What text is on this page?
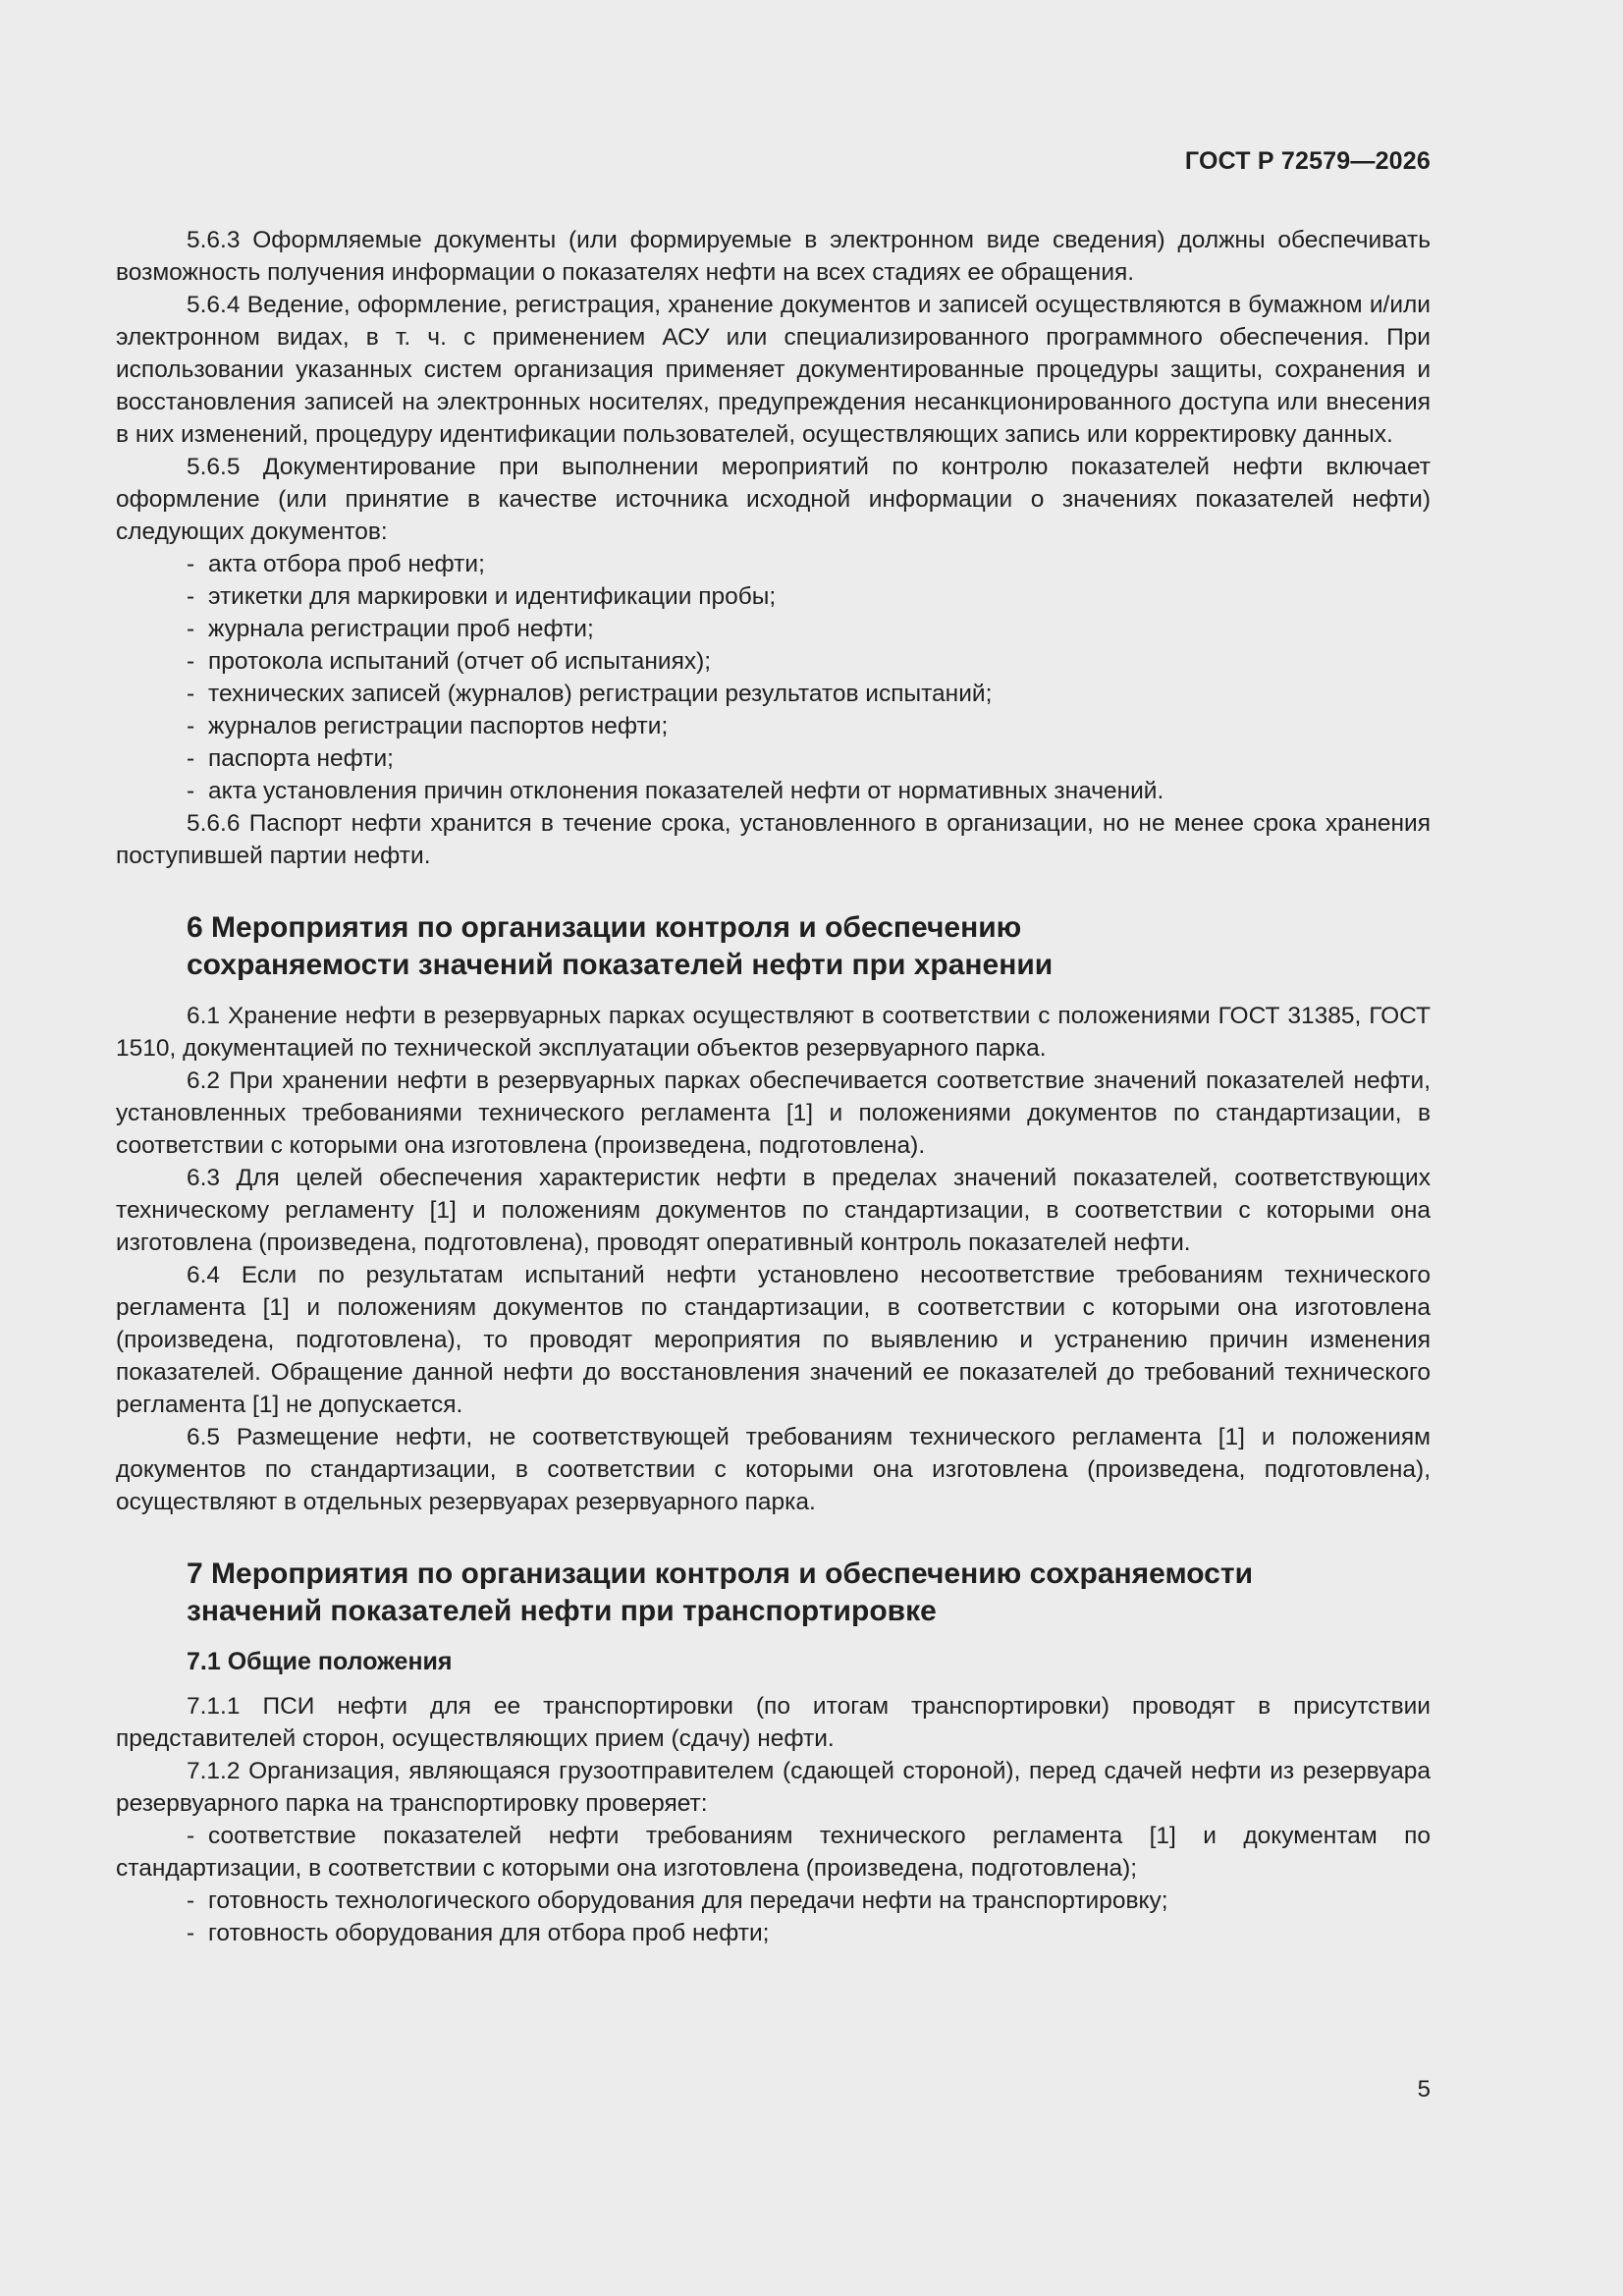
ГОСТ Р 72579—2026

5.6.3 Оформляемые документы (или формируемые в электронном виде сведения) должны обеспечивать возможность получения информации о показателях нефти на всех стадиях ее обращения.

5.6.4 Ведение, оформление, регистрация, хранение документов и записей осуществляются в бумажном и/или электронном видах, в т. ч. с применением АСУ или специализированного программного обеспечения. При использовании указанных систем организация применяет документированные процедуры защиты, сохранения и восстановления записей на электронных носителях, предупреждения несанкционированного доступа или внесения в них изменений, процедуру идентификации пользователей, осуществляющих запись или корректировку данных.

5.6.5 Документирование при выполнении мероприятий по контролю показателей нефти включает оформление (или принятие в качестве источника исходной информации о значениях показателей нефти) следующих документов:

- акта отбора проб нефти;

- этикетки для маркировки и идентификации пробы;

- журнала регистрации проб нефти;

- протокола испытаний (отчет об испытаниях);

- технических записей (журналов) регистрации результатов испытаний;

- журналов регистрации паспортов нефти;

- паспорта нефти;

- акта установления причин отклонения показателей нефти от нормативных значений.

5.6.6 Паспорт нефти хранится в течение срока, установленного в организации, но не менее срока хранения поступившей партии нефти.

6 Мероприятия по организации контроля и обеспечению
сохраняемости значений показателей нефти при хранении

6.1 Хранение нефти в резервуарных парках осуществляют в соответствии с положениями ГОСТ 31385, ГОСТ 1510, документацией по технической эксплуатации объектов резервуарного парка.

6.2 При хранении нефти в резервуарных парках обеспечивается соответствие значений показателей нефти, установленных требованиями технического регламента [1] и положениями документов по стандартизации, в соответствии с которыми она изготовлена (произведена, подготовлена).

6.3 Для целей обеспечения характеристик нефти в пределах значений показателей, соответствующих техническому регламенту [1] и положениям документов по стандартизации, в соответствии с которыми она изготовлена (произведена, подготовлена), проводят оперативный контроль показателей нефти.

6.4 Если по результатам испытаний нефти установлено несоответствие требованиям технического регламента [1] и положениям документов по стандартизации, в соответствии с которыми она изготовлена (произведена, подготовлена), то проводят мероприятия по выявлению и устранению причин изменения показателей. Обращение данной нефти до восстановления значений ее показателей до требований технического регламента [1] не допускается.

6.5 Размещение нефти, не соответствующей требованиям технического регламента [1] и положениям документов по стандартизации, в соответствии с которыми она изготовлена (произведена, подготовлена), осуществляют в отдельных резервуарах резервуарного парка.

7 Мероприятия по организации контроля и обеспечению сохраняемости
значений показателей нефти при транспортировке
7.1 Общие положения

7.1.1 ПСИ нефти для ее транспортировки (по итогам транспортировки) проводят в присутствии представителей сторон, осуществляющих прием (сдачу) нефти.

7.1.2 Организация, являющаяся грузоотправителем (сдающей стороной), перед сдачей нефти из резервуара резервуарного парка на транспортировку проверяет:

- соответствие показателей нефти требованиям технического регламента [1] и документам по стандартизации, в соответствии с которыми она изготовлена (произведена, подготовлена);

- готовность технологического оборудования для передачи нефти на транспортировку;

- готовность оборудования для отбора проб нефти;

5
